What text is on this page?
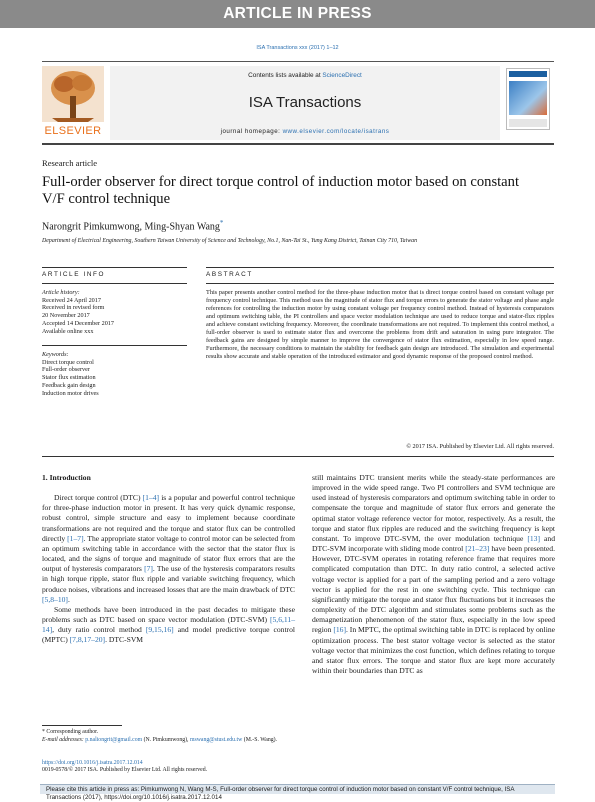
ARTICLE IN PRESS
ISA Transactions xxx (2017) 1–12
ELSEVIER
Contents lists available at ScienceDirect
ISA Transactions
journal homepage: www.elsevier.com/locate/isatrans
Research article
Full-order observer for direct torque control of induction motor based on constant V/F control technique
Narongrit Pimkumwong, Ming-Shyan Wang*
Department of Electrical Engineering, Southern Taiwan University of Science and Technology, No.1, Nan-Tai St., Yung Kang District, Tainan City 710, Taiwan
ARTICLE INFO	ABSTRACT
Article history:
Received 24 April 2017
Received in revised form
20 November 2017
Accepted 14 December 2017
Available online xxx
Keywords:
Direct torque control
Full-order observer
Stator flux estimation
Feedback gain design
Induction motor drives
This paper presents another control method for the three-phase induction motor that is direct torque control based on constant voltage per frequency control technique. This method uses the magnitude of stator flux and torque errors to generate the stator voltage and phase angle references for controlling the induction motor by using constant voltage per frequency control method. Instead of hysteresis comparators and optimum switching table, the PI controllers and space vector modulation technique are used to reduce torque and stator-flux ripples and achieve constant switching frequency. Moreover, the coordinate transformations are not required. To implement this control method, a full-order observer is used to estimate stator flux and overcome the problems from drift and saturation in using pure integrator. The feedback gains are designed by simple manner to improve the convergence of stator flux estimation, especially in low speed range. Furthermore, the necessary conditions to maintain the stability for feedback gain design are introduced. The simulation and experimental results show accurate and stable operation of the introduced estimator and good dynamic response of the proposed control method.
© 2017 ISA. Published by Elsevier Ltd. All rights reserved.
1. Introduction

Direct torque control (DTC) [1–4] is a popular and powerful control technique for three-phase induction motor in present. It has very quick dynamic response, robust control, simple structure and easy to implement because coordinate transformations are not required and the torque and stator flux can be controlled directly [1–7]. The appropriate stator voltage to control motor can be selected from an optimum switching table in accordance with the sector that the stator flux is located, and the signs of torque and magnitude of stator flux errors that are the output of hysteresis comparators [7]. The use of the hysteresis comparators results in high torque ripple, stator flux ripple and variable switching frequency, which produce noises, vibrations and increased losses that are the main drawback of DTC [5,8–10].

Some methods have been introduced in the past decades to mitigate these problems such as DTC based on space vector modulation (DTC-SVM) [5,6,11–14], duty ratio control method [9,15,16] and model predictive torque control (MPTC) [7,8,17–20]. DTC-SVM

still maintains DTC transient merits while the steady-state performances are improved in the wide speed range. Two PI controllers and SVM technique are used instead of hysteresis comparators and optimum switching table in order to compensate the torque and magnitude of stator flux errors and generate the optimal stator voltage reference vector for motor, respectively. As a result, the torque and stator flux ripples are reduced and the switching frequency is kept constant. To improve DTC-SVM, the over modulation technique [13] and DTC-SVM incorporate with sliding mode control [21–23] have been presented. However, DTC-SVM operates in rotating reference frame that requires more complicated computation than DTC. In duty ratio control, a selected active voltage vector is applied for a part of the sampling period and a zero voltage vector is applied for the rest in one switching cycle. This technique can significantly mitigate the torque and stator flux fluctuations but it increases the complexity of the DTC algorithm and stimulates some problems such as the demagnetization phenomenon of the stator flux, especially in the low speed region [16]. In MPTC, the optimal switching table in DTC is replaced by online optimization process. The best stator voltage vector is selected as the stator voltage vector that minimizes the cost function, which defines relating to torque and stator flux errors. The torque and stator flux are kept more accurately within their boundaries than DTC as

* Corresponding author.
E-mail addresses: p.naliongrit@gmail.com (N. Pimkumwong), mswang@stust.edu.tw (M.-S. Wang).
https://doi.org/10.1016/j.isatra.2017.12.014
0019-0578/© 2017 ISA. Published by Elsevier Ltd. All rights reserved.
Please cite this article in press as: Pimkumwong N, Wang M-S, Full-order observer for direct torque control of induction motor based on constant V/F control technique, ISA Transactions (2017), https://doi.org/10.1016/j.isatra.2017.12.014
